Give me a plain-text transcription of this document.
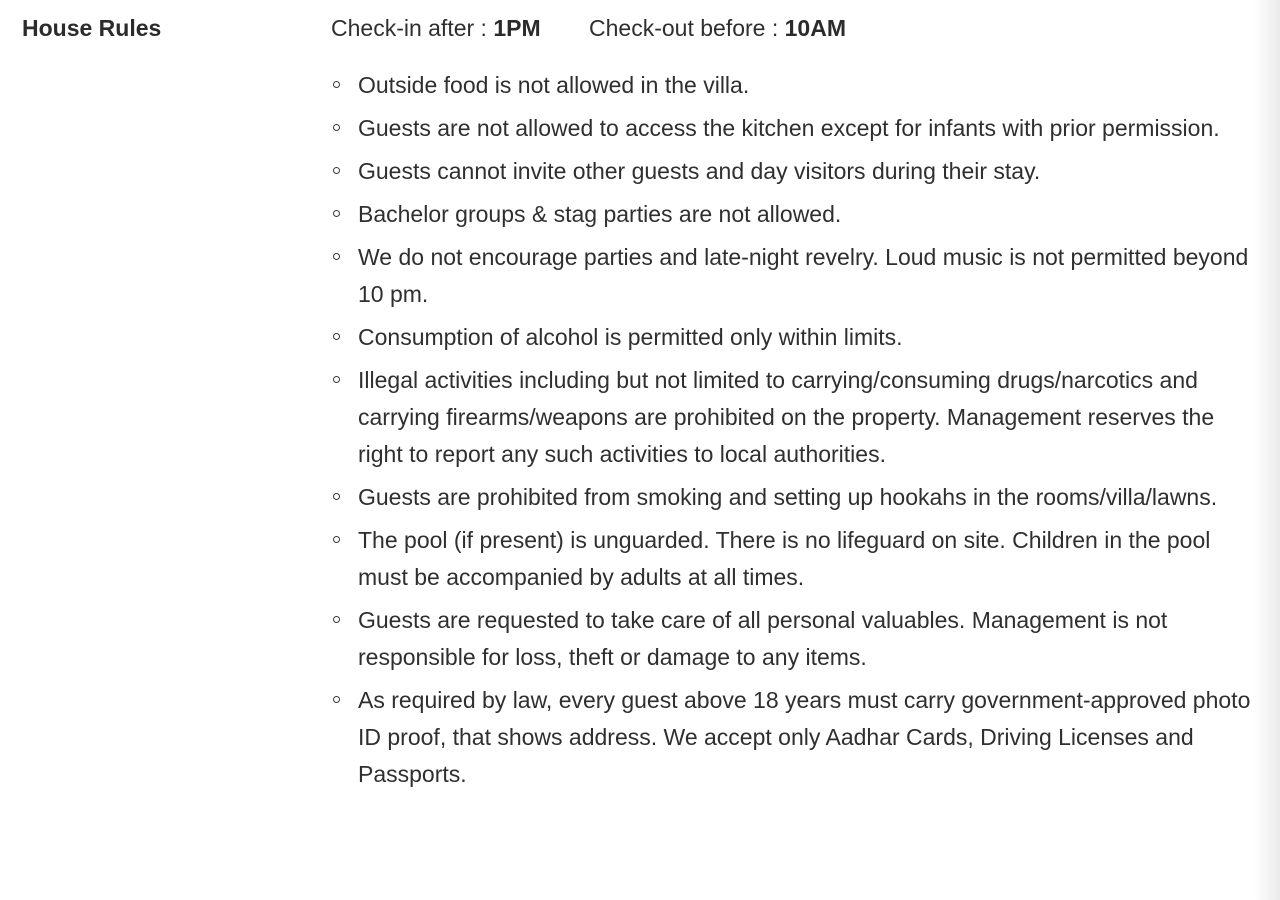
House Rules	Check-in after : 1PM Check-out before : 10AM
Outside food is not allowed in the villa.
Guests are not allowed to access the kitchen except for infants with prior permission.
Guests cannot invite other guests and day visitors during their stay.
Bachelor groups & stag parties are not allowed.
We do not encourage parties and late-night revelry. Loud music is not permitted beyond 10 pm.
Consumption of alcohol is permitted only within limits.
Illegal activities including but not limited to carrying/consuming drugs/narcotics and carrying firearms/weapons are prohibited on the property. Management reserves the right to report any such activities to local authorities.
Guests are prohibited from smoking and setting up hookahs in the rooms/villa/lawns.
The pool (if present) is unguarded. There is no lifeguard on site. Children in the pool must be accompanied by adults at all times.
Guests are requested to take care of all personal valuables. Management is not responsible for loss, theft or damage to any items.
As required by law, every guest above 18 years must carry government-approved photo ID proof, that shows address. We accept only Aadhar Cards, Driving Licenses and Passports.
